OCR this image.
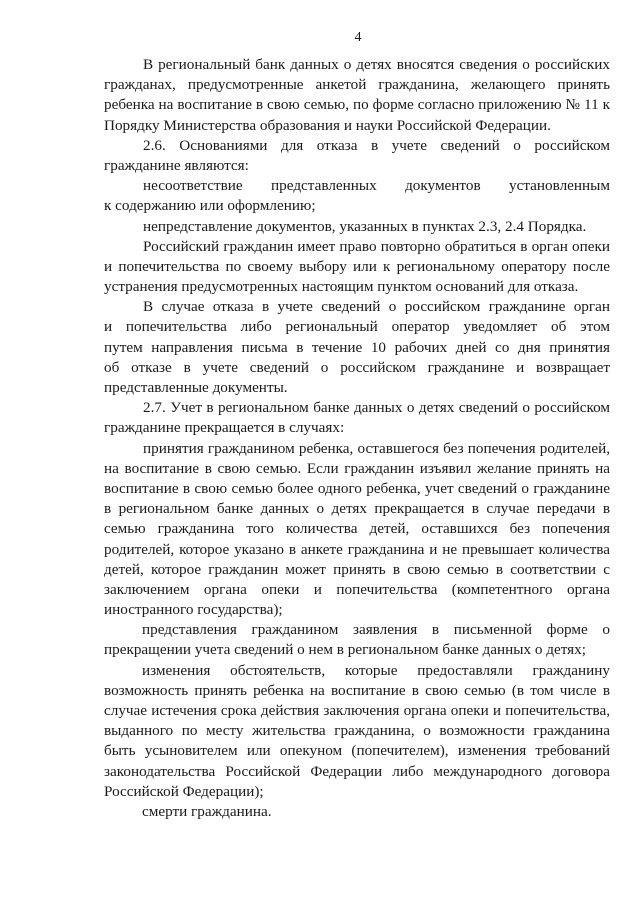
4
В региональный банк данных о детях вносятся сведения о российских
гражданах, предусмотренные анкетой гражданина, желающего принять
ребенка на воспитание в свою семью, по форме согласно приложению № 11 к
Порядку Министерства образования и науки Российской Федерации.
2.6. Основаниями для отказа в учете сведений о российском
гражданине являются:
несоответствие представленных документов установленным
к содержанию или оформлению;
непредставление документов, указанных в пунктах 2.3, 2.4 Порядка.
Российский гражданин имеет право повторно обратиться в орган опеки
и попечительства по своему выбору или к региональному оператору после
устранения предусмотренных настоящим пунктом оснований для отказа.
В случае отказа в учете сведений о российском гражданине орган
и попечительства либо региональный оператор уведомляет об этом
путем направления письма в течение 10 рабочих дней со дня принятия
об отказе в учете сведений о российском гражданине и возвращает
представленные документы.
2.7. Учет в региональном банке данных о детях сведений о российском
гражданине прекращается в случаях:
принятия гражданином ребенка, оставшегося без попечения родителей,
на воспитание в свою семью. Если гражданин изъявил желание принять на
воспитание в свою семью более одного ребенка, учет сведений о гражданине
в региональном банке данных о детях прекращается в случае передачи в
семью гражданина того количества детей, оставшихся без попечения
родителей, которое указано в анкете гражданина и не превышает количества
детей, которое гражданин может принять в свою семью в соответствии с
заключением органа опеки и попечительства (компетентного органа
иностранного государства);
представления гражданином заявления в письменной форме о
прекращении учета сведений о нем в региональном банке данных о детях;
изменения обстоятельств, которые предоставляли гражданину
возможность принять ребенка на воспитание в свою семью (в том числе в
случае истечения срока действия заключения органа опеки и попечительства,
выданного по месту жительства гражданина, о возможности гражданина
быть усыновителем или опекуном (попечителем), изменения требований
законодательства Российской Федерации либо международного договора
Российской Федерации);
смерти гражданина.
